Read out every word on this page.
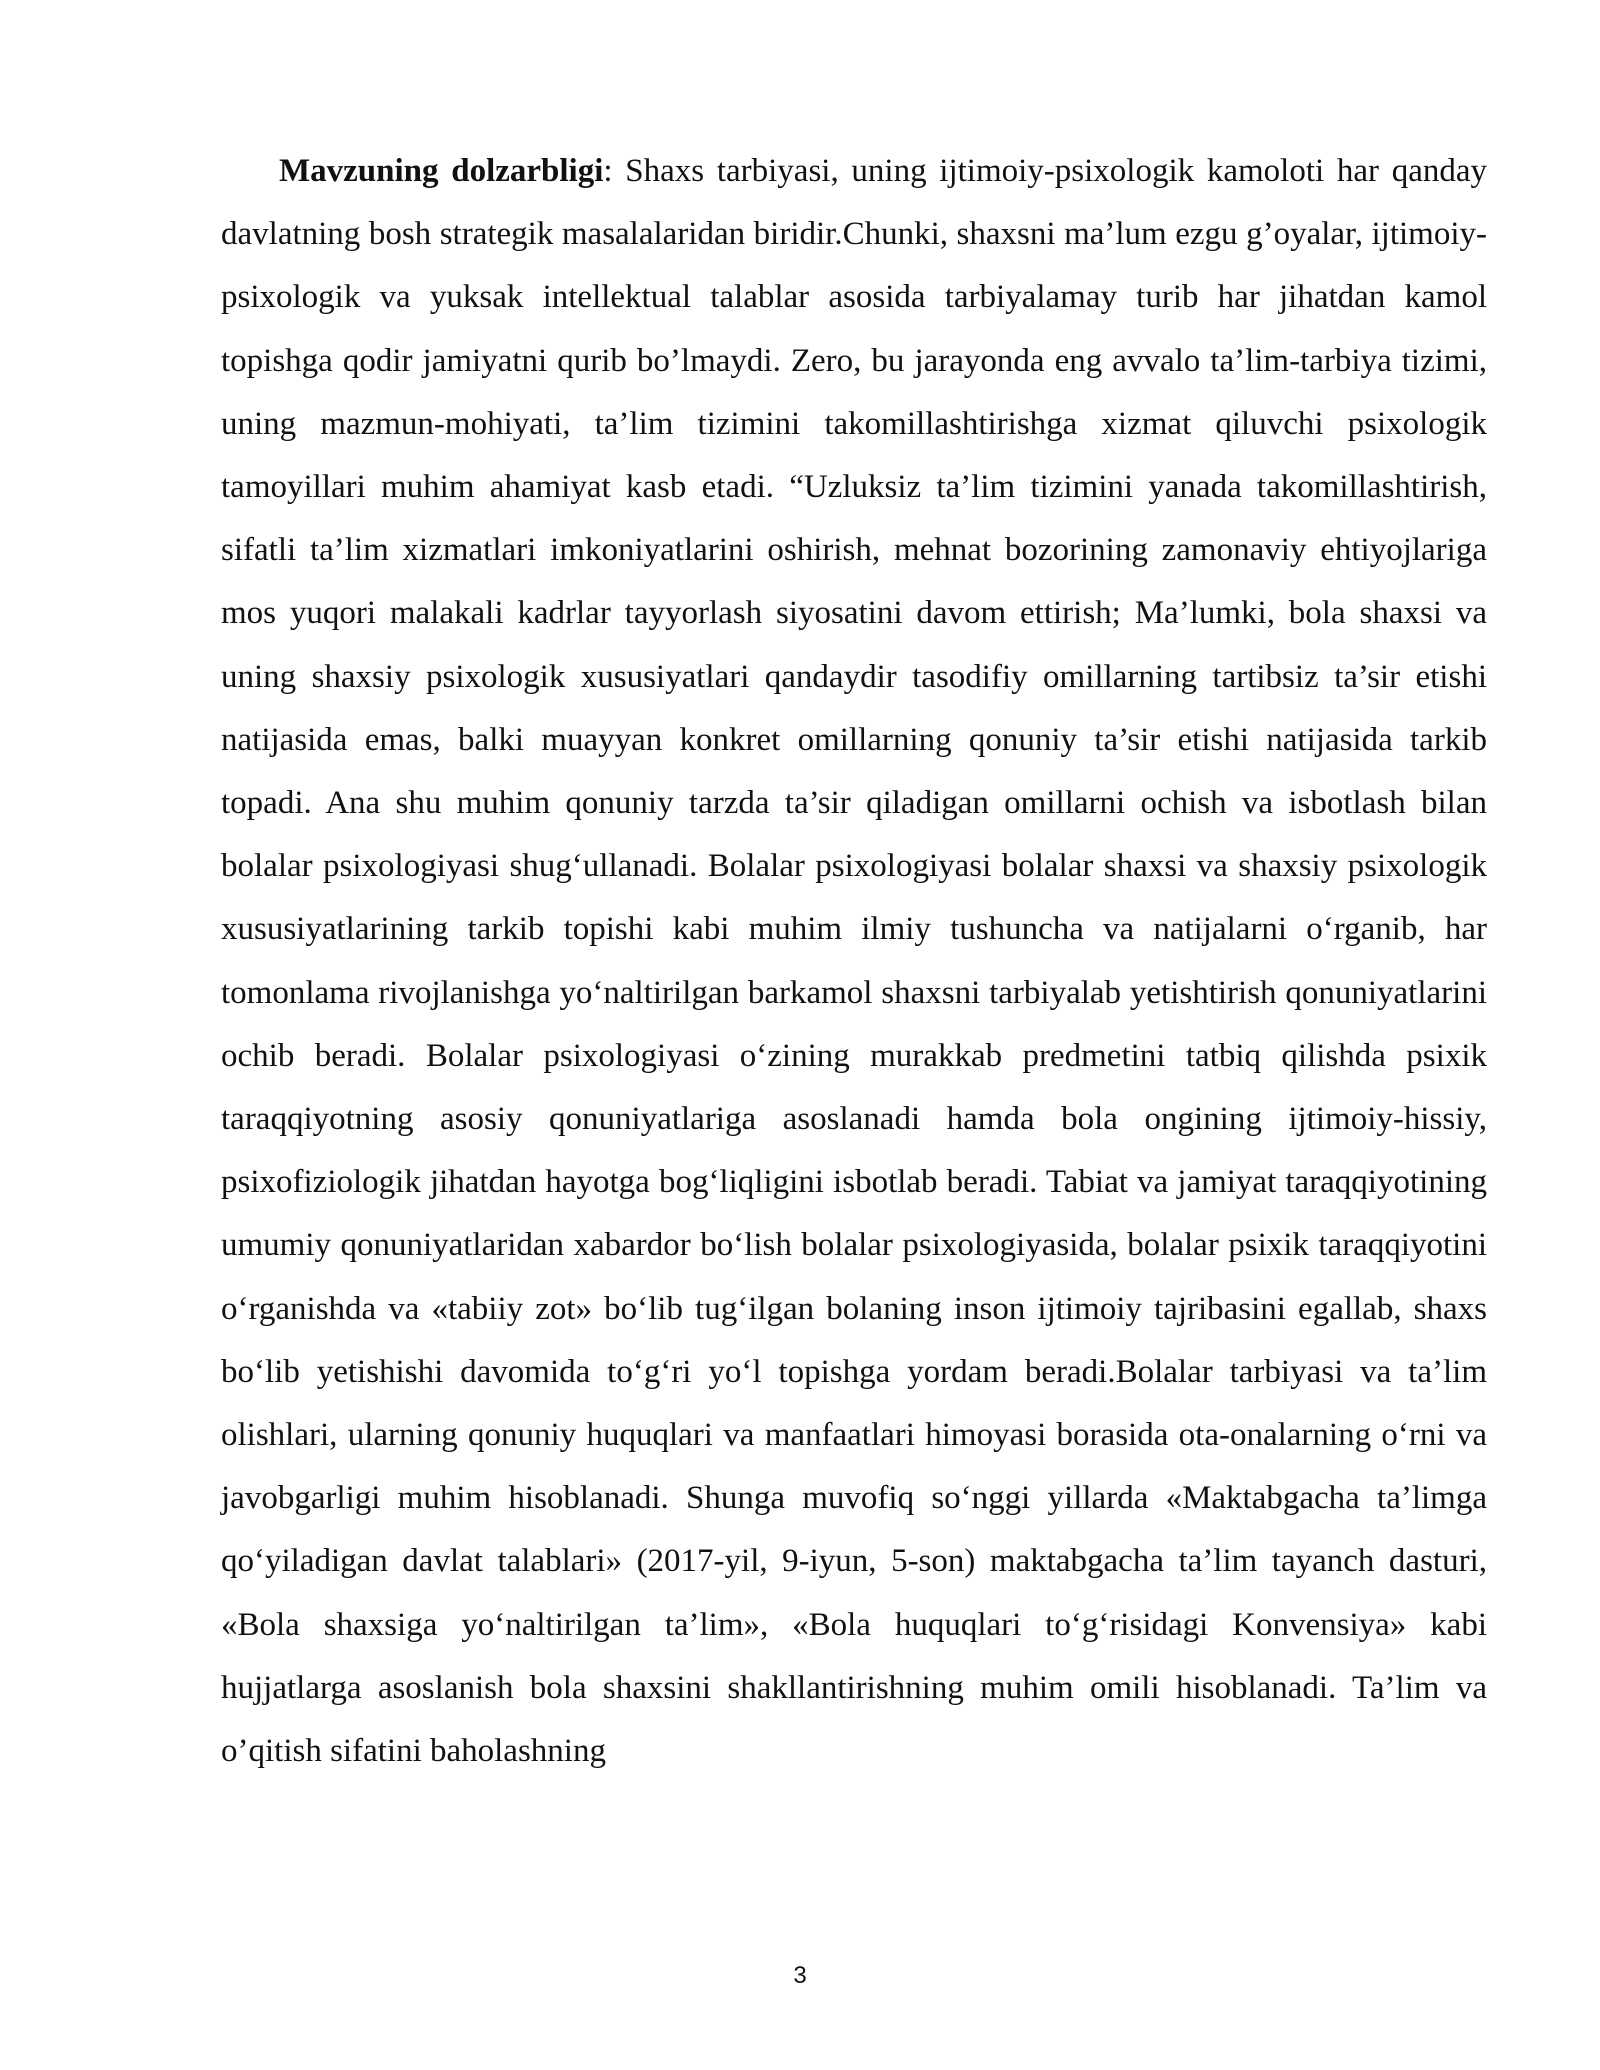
Mavzuning dolzarbligi: Shaxs tarbiyasi, uning ijtimoiy-psixologik kamoloti har qanday davlatning bosh strategik masalalaridan biridir.Chunki, shaxsni ma’lum ezgu g’oyalar, ijtimoiy-psixologik va yuksak intellektual talablar asosida tarbiyalamay turib har jihatdan kamol topishga qodir jamiyatni qurib bo’lmaydi. Zero, bu jarayonda eng avvalo ta’lim-tarbiya tizimi, uning mazmun-mohiyati, ta’lim tizimini takomillashtirishga xizmat qiluvchi psixologik tamoyillari muhim ahamiyat kasb etadi. “Uzluksiz ta’lim tizimini yanada takomillashtirish, sifatli ta’lim xizmatlari imkoniyatlarini oshirish, mehnat bozorining zamonaviy ehtiyojlariga mos yuqori malakali kadrlar tayyorlash siyosatini davom ettirish; Ma’lumki, bola shaxsi va uning shaxsiy psixologik xususiyatlari qandaydir tasodifiy omillarning tartibsiz ta’sir etishi natijasida emas, balki muayyan konkret omillarning qonuniy ta’sir etishi natijasida tarkib topadi. Ana shu muhim qonuniy tarzda ta’sir qiladigan omillarni ochish va isbotlash bilan bolalar psixologiyasi shug‘ullanadi. Bolalar psixologiyasi bolalar shaxsi va shaxsiy psixologik xususiyatlarining tarkib topishi kabi muhim ilmiy tushuncha va natijalarni o‘rganib, har tomonlama rivojlanishga yo‘naltirilgan barkamol shaxsni tarbiyalab yetishtirish qonuniyatlarini ochib beradi. Bolalar psixologiyasi o‘zining murakkab predmetini tatbiq qilishda psixik taraqqiyotning asosiy qonuniyatlariga asoslanadi hamda bola ongining ijtimoiy-hissiy, psixofiziologik jihatdan hayotga bog‘liqligini isbotlab beradi. Tabiat va jamiyat taraqqiyotining umumiy qonuniyatlaridan xabardor bo‘lish bolalar psixologiyasida, bolalar psixik taraqqiyotini o‘rganishda va «tabiiy zot» bo‘lib tug‘ilgan bolaning inson ijtimoiy tajribasini egallab, shaxs bo‘lib yetishishi davomida to‘g‘ri yo‘l topishga yordam beradi.Bolalar tarbiyasi va ta’lim olishlari, ularning qonuniy huquqlari va manfaatlari himoyasi borasida ota-onalarning o‘rni va javobgarligi muhim hisoblanadi. Shunga muvofiq so‘nggi yillarda «Maktabgacha ta’limga qo‘yiladigan davlat talablari» (2017-yil, 9-iyun, 5-son) maktabgacha ta’lim tayanch dasturi, «Bola shaxsiga yo‘naltirilgan ta’lim», «Bola huquqlari to‘g‘risidagi Konvensiya» kabi hujjatlarga asoslanish bola shaxsini shakllantirishning muhim omili hisoblanadi. Ta’lim va o’qitish sifatini baholashning

3
